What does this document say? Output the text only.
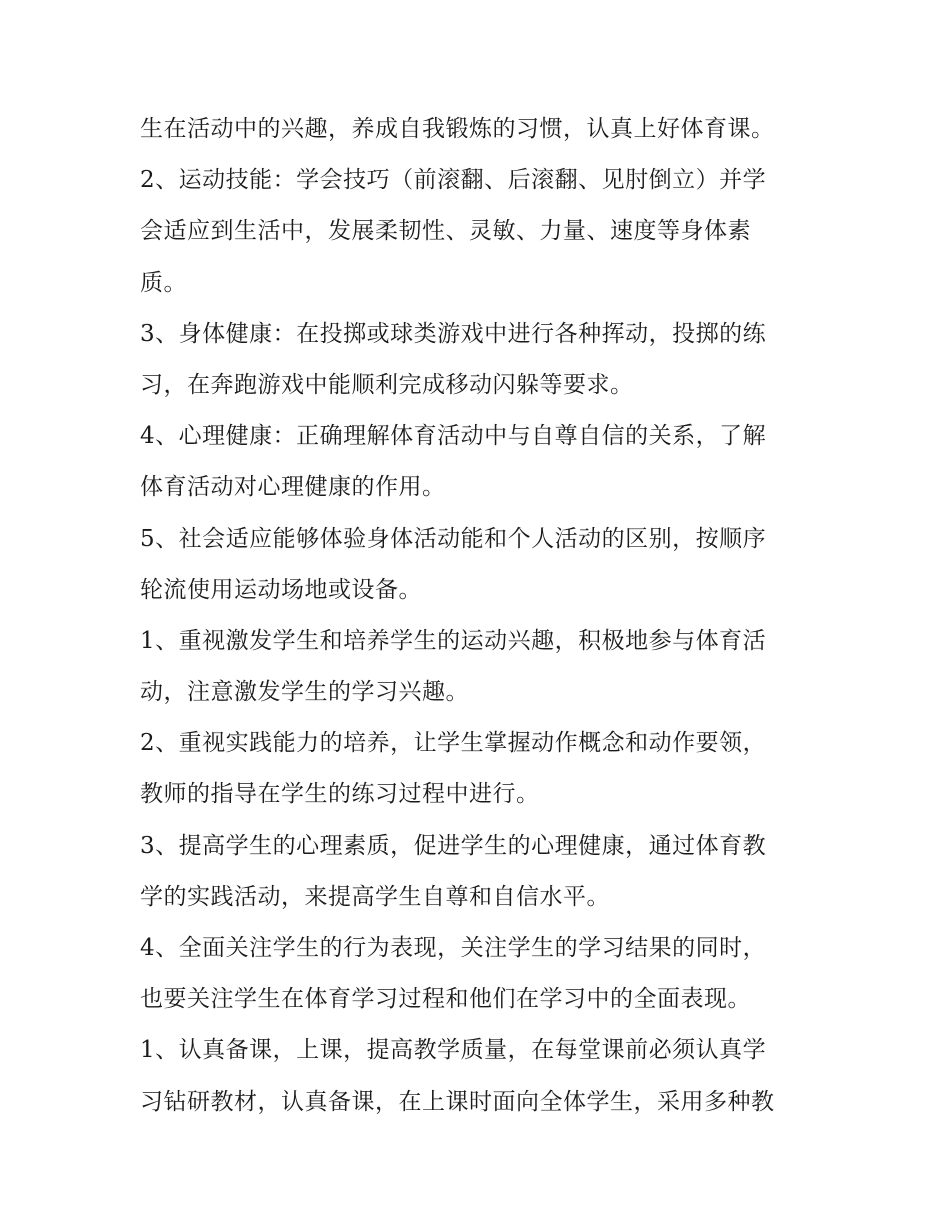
生在活动中的兴趣，养成自我锻炼的习惯，认真上好体育课。
2、运动技能：学会技巧（前滚翻、后滚翻、见肘倒立）并学
会适应到生活中，发展柔韧性、灵敏、力量、速度等身体素
质。
3、身体健康：在投掷或球类游戏中进行各种挥动，投掷的练
习，在奔跑游戏中能顺利完成移动闪躲等要求。
4、心理健康：正确理解体育活动中与自尊自信的关系，了解
体育活动对心理健康的作用。
5、社会适应能够体验身体活动能和个人活动的区别，按顺序
轮流使用运动场地或设备。
1、重视激发学生和培养学生的运动兴趣，积极地参与体育活
动，注意激发学生的学习兴趣。
2、重视实践能力的培养，让学生掌握动作概念和动作要领，
教师的指导在学生的练习过程中进行。
3、提高学生的心理素质，促进学生的心理健康，通过体育教
学的实践活动，来提高学生自尊和自信水平。
4、全面关注学生的行为表现，关注学生的学习结果的同时，
也要关注学生在体育学习过程和他们在学习中的全面表现。
1、认真备课，上课，提高教学质量，在每堂课前必须认真学
习钻研教材，认真备课，在上课时面向全体学生，采用多种教
